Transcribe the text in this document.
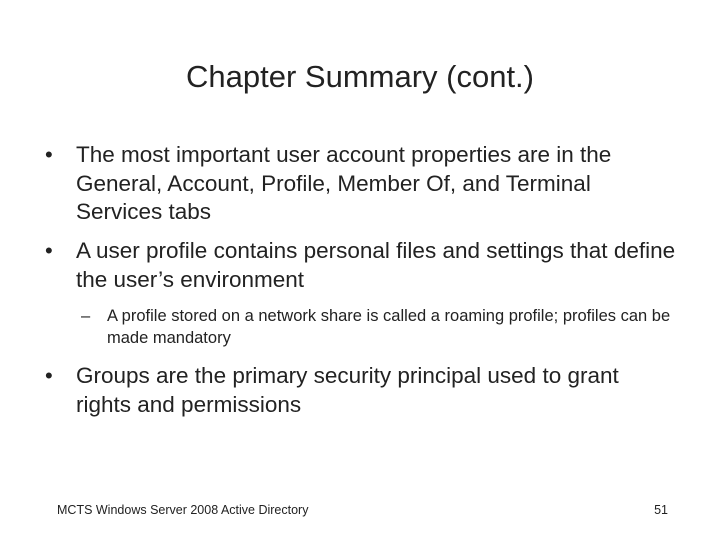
Chapter Summary (cont.)
• The most important user account properties are in the General, Account, Profile, Member Of, and Terminal Services tabs
• A user profile contains personal files and settings that define the user’s environment
– A profile stored on a network share is called a roaming profile; profiles can be made mandatory
• Groups are the primary security principal used to grant rights and permissions
MCTS Windows Server 2008 Active Directory	51
